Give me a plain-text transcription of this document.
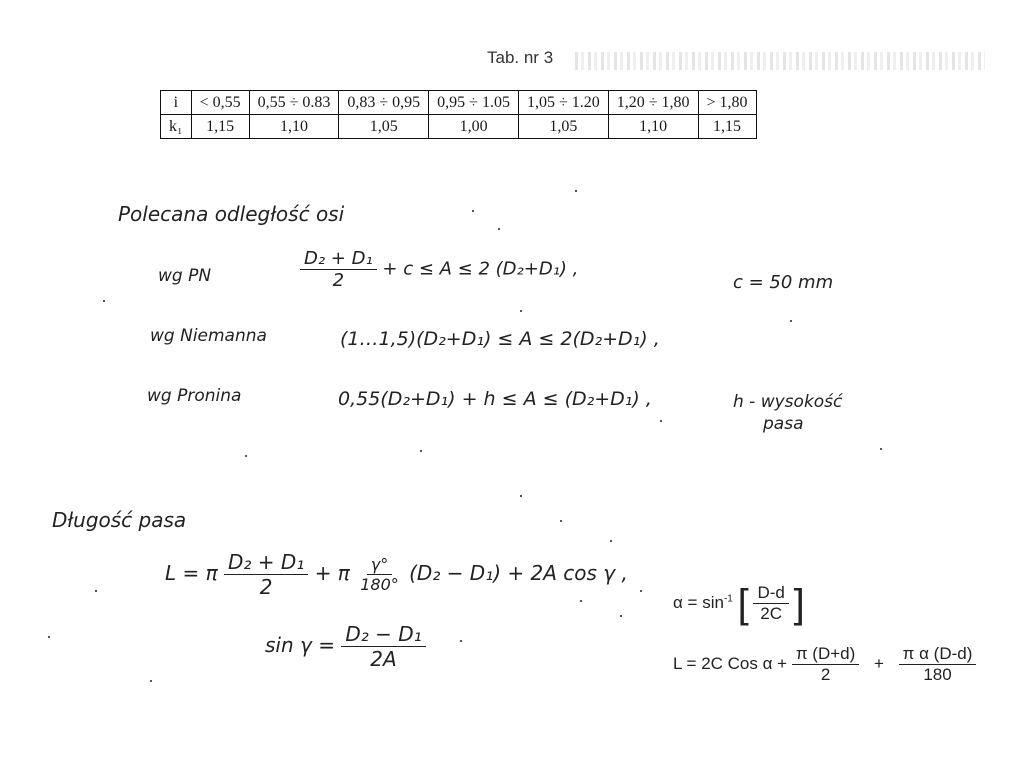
Tab. nr 3
i	< 0,55	0,55 ÷ 0.83	0,83 ÷ 0,95	0,95 ÷ 1.05	1,05 ÷ 1.20	1,20 ÷ 1,80	> 1,80
k₁	1,15	1,10	1,05	1,00	1,05	1,10	1,15
Polecana odległość osi
wg PN	$\frac{\text{D₂ + D₁}}{2} + c \le A \le 2$ (D₂+D₁) ,
c = 50 mm
wg Niemanna	(1…1,5)(D₂+D₁) ≤ A ≤ 2(D₂+D₁) ,
wg Pronina	0,55(D₂+D₁) + h ≤ A ≤ (D₂+D₁) ,	h - wysokość
pasa
Długość pasa
L = π $\frac{\text{D₂ + D₁}}{2} + \pi \frac{\gamma^\circ}{180^\circ} (D_2 - D_1) + 2A$ cos γ ,
$\sin \gamma = \frac{\text{D₂ − D₁}}{2A}$
$\alpha = \sin^{-1}$ [ $\frac{D-d}{2C}$ ]
L = 2C Cos $\alpha + \frac{\pi (D+d)}{2} + \frac{\text{π α (D-d)}}{180}$
